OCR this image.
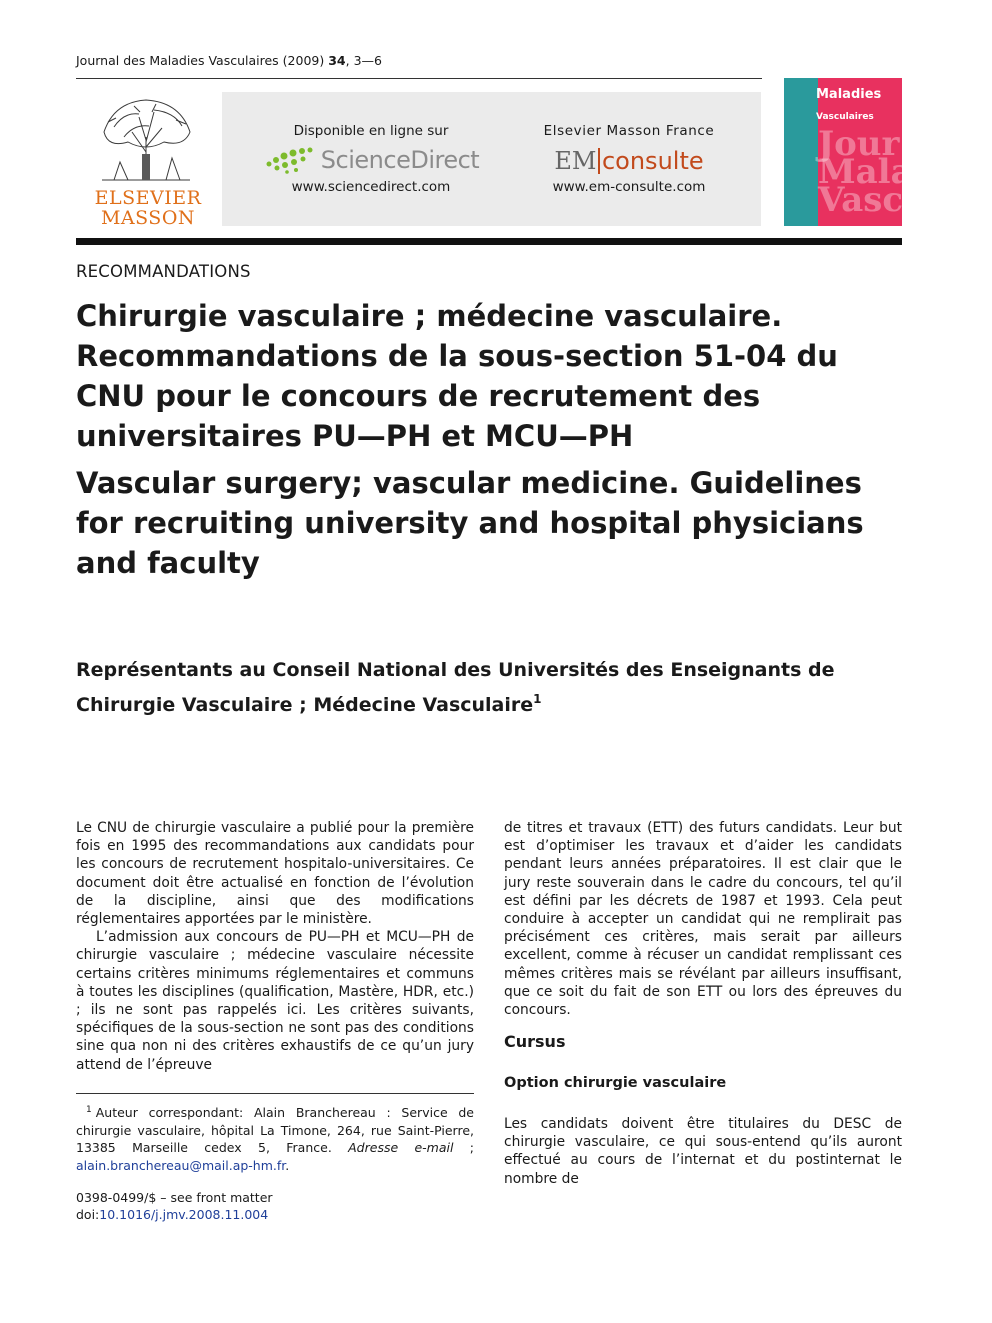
Journal des Maladies Vasculaires (2009) 34, 3—6
ELSEVIER
MASSON
Disponible en ligne sur
ScienceDirect
www.sciencedirect.com
Elsevier Masson France
EM consulte
www.em-consulte.com
Maladies
Vasculaires
Jour
Mala
Vasc
RECOMMANDATIONS
Chirurgie vasculaire ; médecine vasculaire. Recommandations de la sous-section 51-04 du CNU pour le concours de recrutement des universitaires PU—PH et MCU—PH
Vascular surgery; vascular medicine. Guidelines for recruiting university and hospital physicians and faculty
Représentants au Conseil National des Universités des Enseignants de Chirurgie Vasculaire ; Médecine Vasculaire$^1$

Le CNU de chirurgie vasculaire a publié pour la première fois en 1995 des recommandations aux candidats pour les concours de recrutement hospitalo-universitaires. Ce document doit être actualisé en fonction de l’évolution de la discipline, ainsi que des modifications réglementaires apportées par le ministère.

L’admission aux concours de PU—PH et MCU—PH de chirurgie vasculaire ; médecine vasculaire nécessite certains critères minimums réglementaires et communs à toutes les disciplines (qualification, Mastère, HDR, etc.) ; ils ne sont pas rappelés ici. Les critères suivants, spécifiques de la sous-section ne sont pas des conditions sine qua non ni des critères exhaustifs de ce qu’un jury attend de l’épreuve

de titres et travaux (ETT) des futurs candidats. Leur but est d’optimiser les travaux et d’aider les candidats pendant leurs années préparatoires. Il est clair que le jury reste souverain dans le cadre du concours, tel qu’il est défini par les décrets de 1987 et 1993. Cela peut conduire à accepter un candidat qui ne remplirait pas précisément ces critères, mais serait par ailleurs excellent, comme à récuser un candidat remplissant ces mêmes critères mais se révélant par ailleurs insuffisant, que ce soit du fait de son ETT ou lors des épreuves du concours.

Cursus
Option chirurgie vasculaire

Les candidats doivent être titulaires du DESC de chirurgie vasculaire, ce qui sous-entend qu’ils auront effectué au cours de l’internat et du postinternat le nombre de

$^1$ Auteur correspondant: Alain Branchereau : Service de chirurgie vasculaire, hôpital La Timone, 264, rue Saint-Pierre, 13385 Marseille cedex 5, France. Adresse e-mail ; alain.branchereau@mail.ap-hm.fr.
0398-0499/$ – see front matter
doi:10.1016/j.jmv.2008.11.004
